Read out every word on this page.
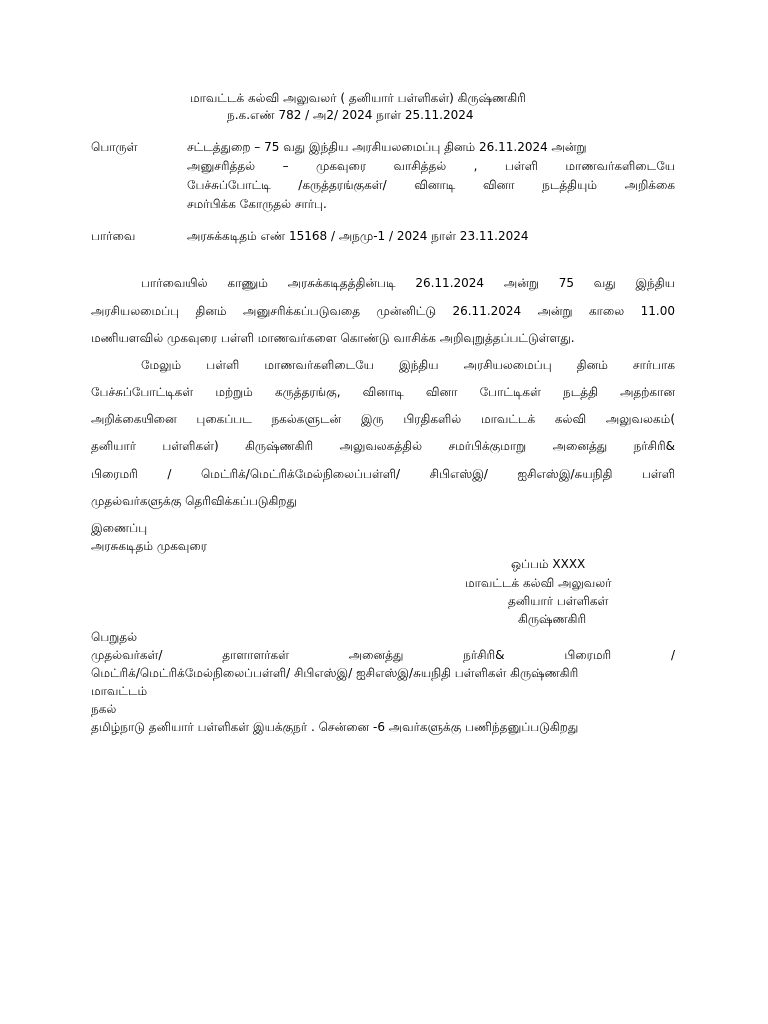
மாவட்டக் கல்வி அலுவலர் ( தனியார் பள்ளிகள்) கிருஷ்ணகிரி
ந.க.எண் 782 / அ2/ 2024 நாள் 25.11.2024
பொருள்	சட்டத்துறை – 75 வது இந்திய அரசியலமைப்பு தினம் 26.11.2024 அன்று
அனுசரித்தல் – முகவுரை வாசித்தல் , பள்ளி மாணவர்களிடையே
பேச்சுப்போட்டி /கருத்தரங்குகள்/ வினாடி வினா நடத்தியும் அறிக்கை
சமர்பிக்க கோருதல் சார்பு.
பார்வை	அரசுக்கடிதம் எண் 15168 / அநமு-1 / 2024 நாள் 23.11.2024
பார்வையில் காணும் அரசுக்கடிதத்தின்படி 26.11.2024 அன்று 75 வது இந்திய
அரசியலமைப்பு தினம் அனுசரிக்கப்படுவதை முன்னிட்டு 26.11.2024 அன்று காலை 11.00
மணியளவில் முகவுரை பள்ளி மாணவர்களை கொண்டு வாசிக்க அறிவுறுத்தப்பட்டுள்ளது.
மேலும் பள்ளி மாணவர்களிடையே இந்திய அரசியலமைப்பு தினம் சார்பாக
பேச்சுப்போட்டிகள் மற்றும் கருத்தரங்கு, வினாடி வினா போட்டிகள் நடத்தி அதற்கான
அறிக்கையினை புகைப்பட நகல்களுடன் இரு பிரதிகளில் மாவட்டக் கல்வி அலுவலகம்(
தனியார் பள்ளிகள்) கிருஷ்ணகிரி அலுவலகத்தில் சமர்பிக்குமாறு அனைத்து நர்சிரி&
பிரைமரி / மெட்ரிக்/மெட்ரிக்மேல்நிலைப்பள்ளி/ சிபிஎஸ்இ/ ஐசிஎஸ்இ/சுயநிதி பள்ளி
முதல்வர்களுக்கு தெரிவிக்கப்படுகிறது
இணைப்பு
அரசுகடிதம் முகவுரை
ஒப்பம் XXXX
மாவட்டக் கல்வி அலுவலர்
தனியார் பள்ளிகள்
கிருஷ்ணகிரி
பெறுதல்
முதல்வர்கள்/ தாளாளர்கள் அனைத்து நர்சிரி& பிரைமரி /
மெட்ரிக்/மெட்ரிக்மேல்நிலைப்பள்ளி/ சிபிஎஸ்இ/ ஐசிஎஸ்இ/சுயநிதி பள்ளிகள் கிருஷ்ணகிரி
மாவட்டம்
நகல்
தமிழ்நாடு தனியார் பள்ளிகள் இயக்குநர் . சென்னை -6 அவர்களுக்கு பணிந்தனுப்படுகிறது
